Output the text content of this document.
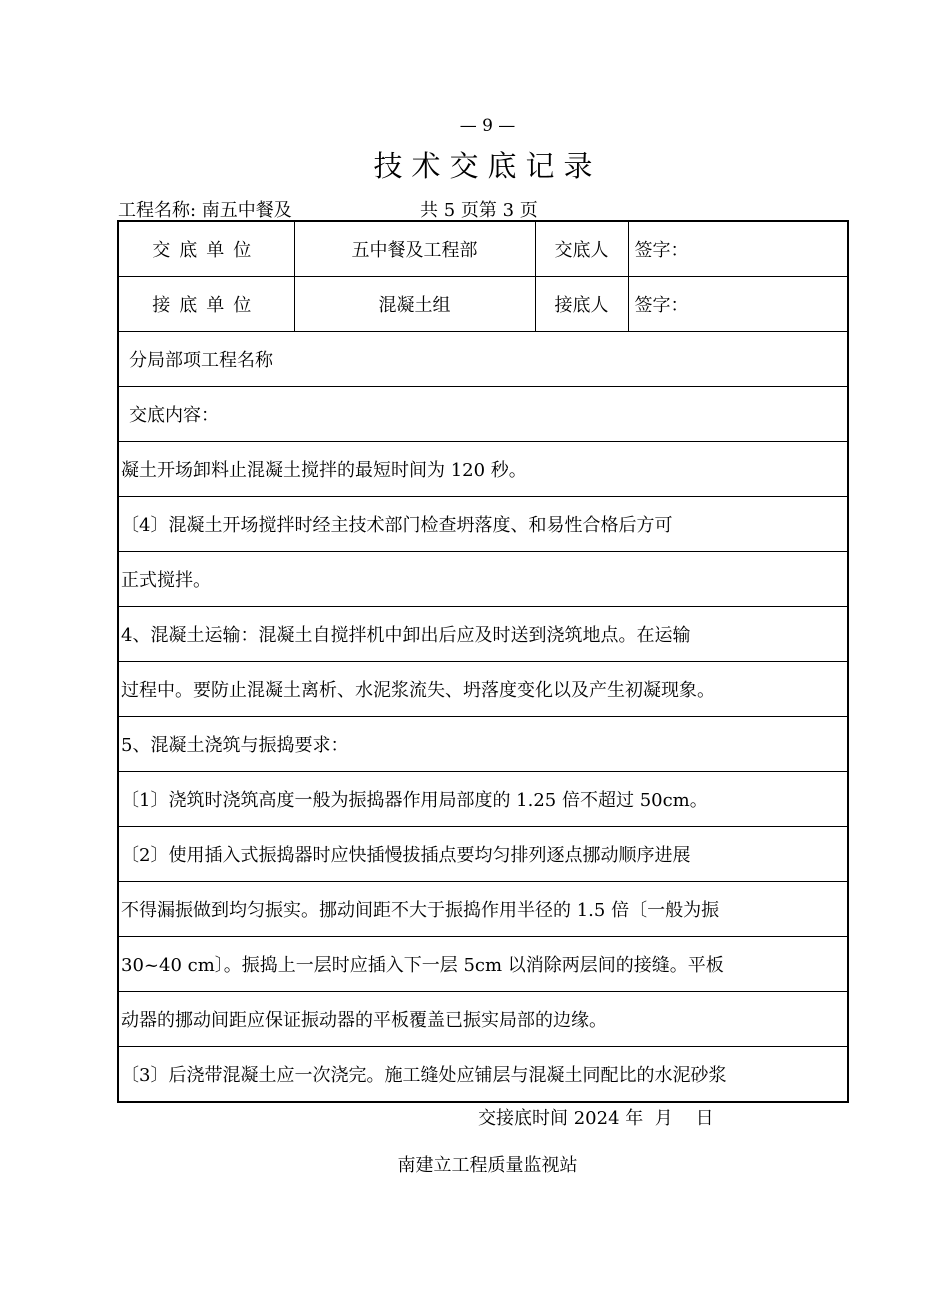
— 9 —
技术交底记录
工程名称: 南五中餐及	共 5 页第 3 页
交底单位	五中餐及工程部	交底人	签字：
接底单位	混凝土组	接底人	签字：
分局部项工程名称			
交底内容：			
凝土开场卸料止混凝土搅拌的最短时间为 120 秒。			
〔4〕混凝土开场搅拌时经主技术部门检查坍落度、和易性合格后方可			
正式搅拌。			
4、混凝土运输：混凝土自搅拌机中卸出后应及时送到浇筑地点。在运输			
过程中。要防止混凝土离析、水泥浆流失、坍落度变化以及产生初凝现象。			
5、混凝土浇筑与振捣要求：			
〔1〕浇筑时浇筑高度一般为振捣器作用局部度的 1.25 倍不超过 50cm。			
〔2〕使用插入式振捣器时应快插慢拔插点要均匀排列逐点挪动顺序进展			
不得漏振做到均匀振实。挪动间距不大于振捣作用半径的 1.5 倍〔一般为振			
30~40 cm〕。振捣上一层时应插入下一层 5cm 以消除两层间的接缝。平板			
动器的挪动间距应保证振动器的平板覆盖已振实局部的边缘。			
〔3〕后浇带混凝土应一次浇完。施工缝处应铺层与混凝土同配比的水泥砂浆			
交接底时间 2024 年  月    日
南建立工程质量监视站
